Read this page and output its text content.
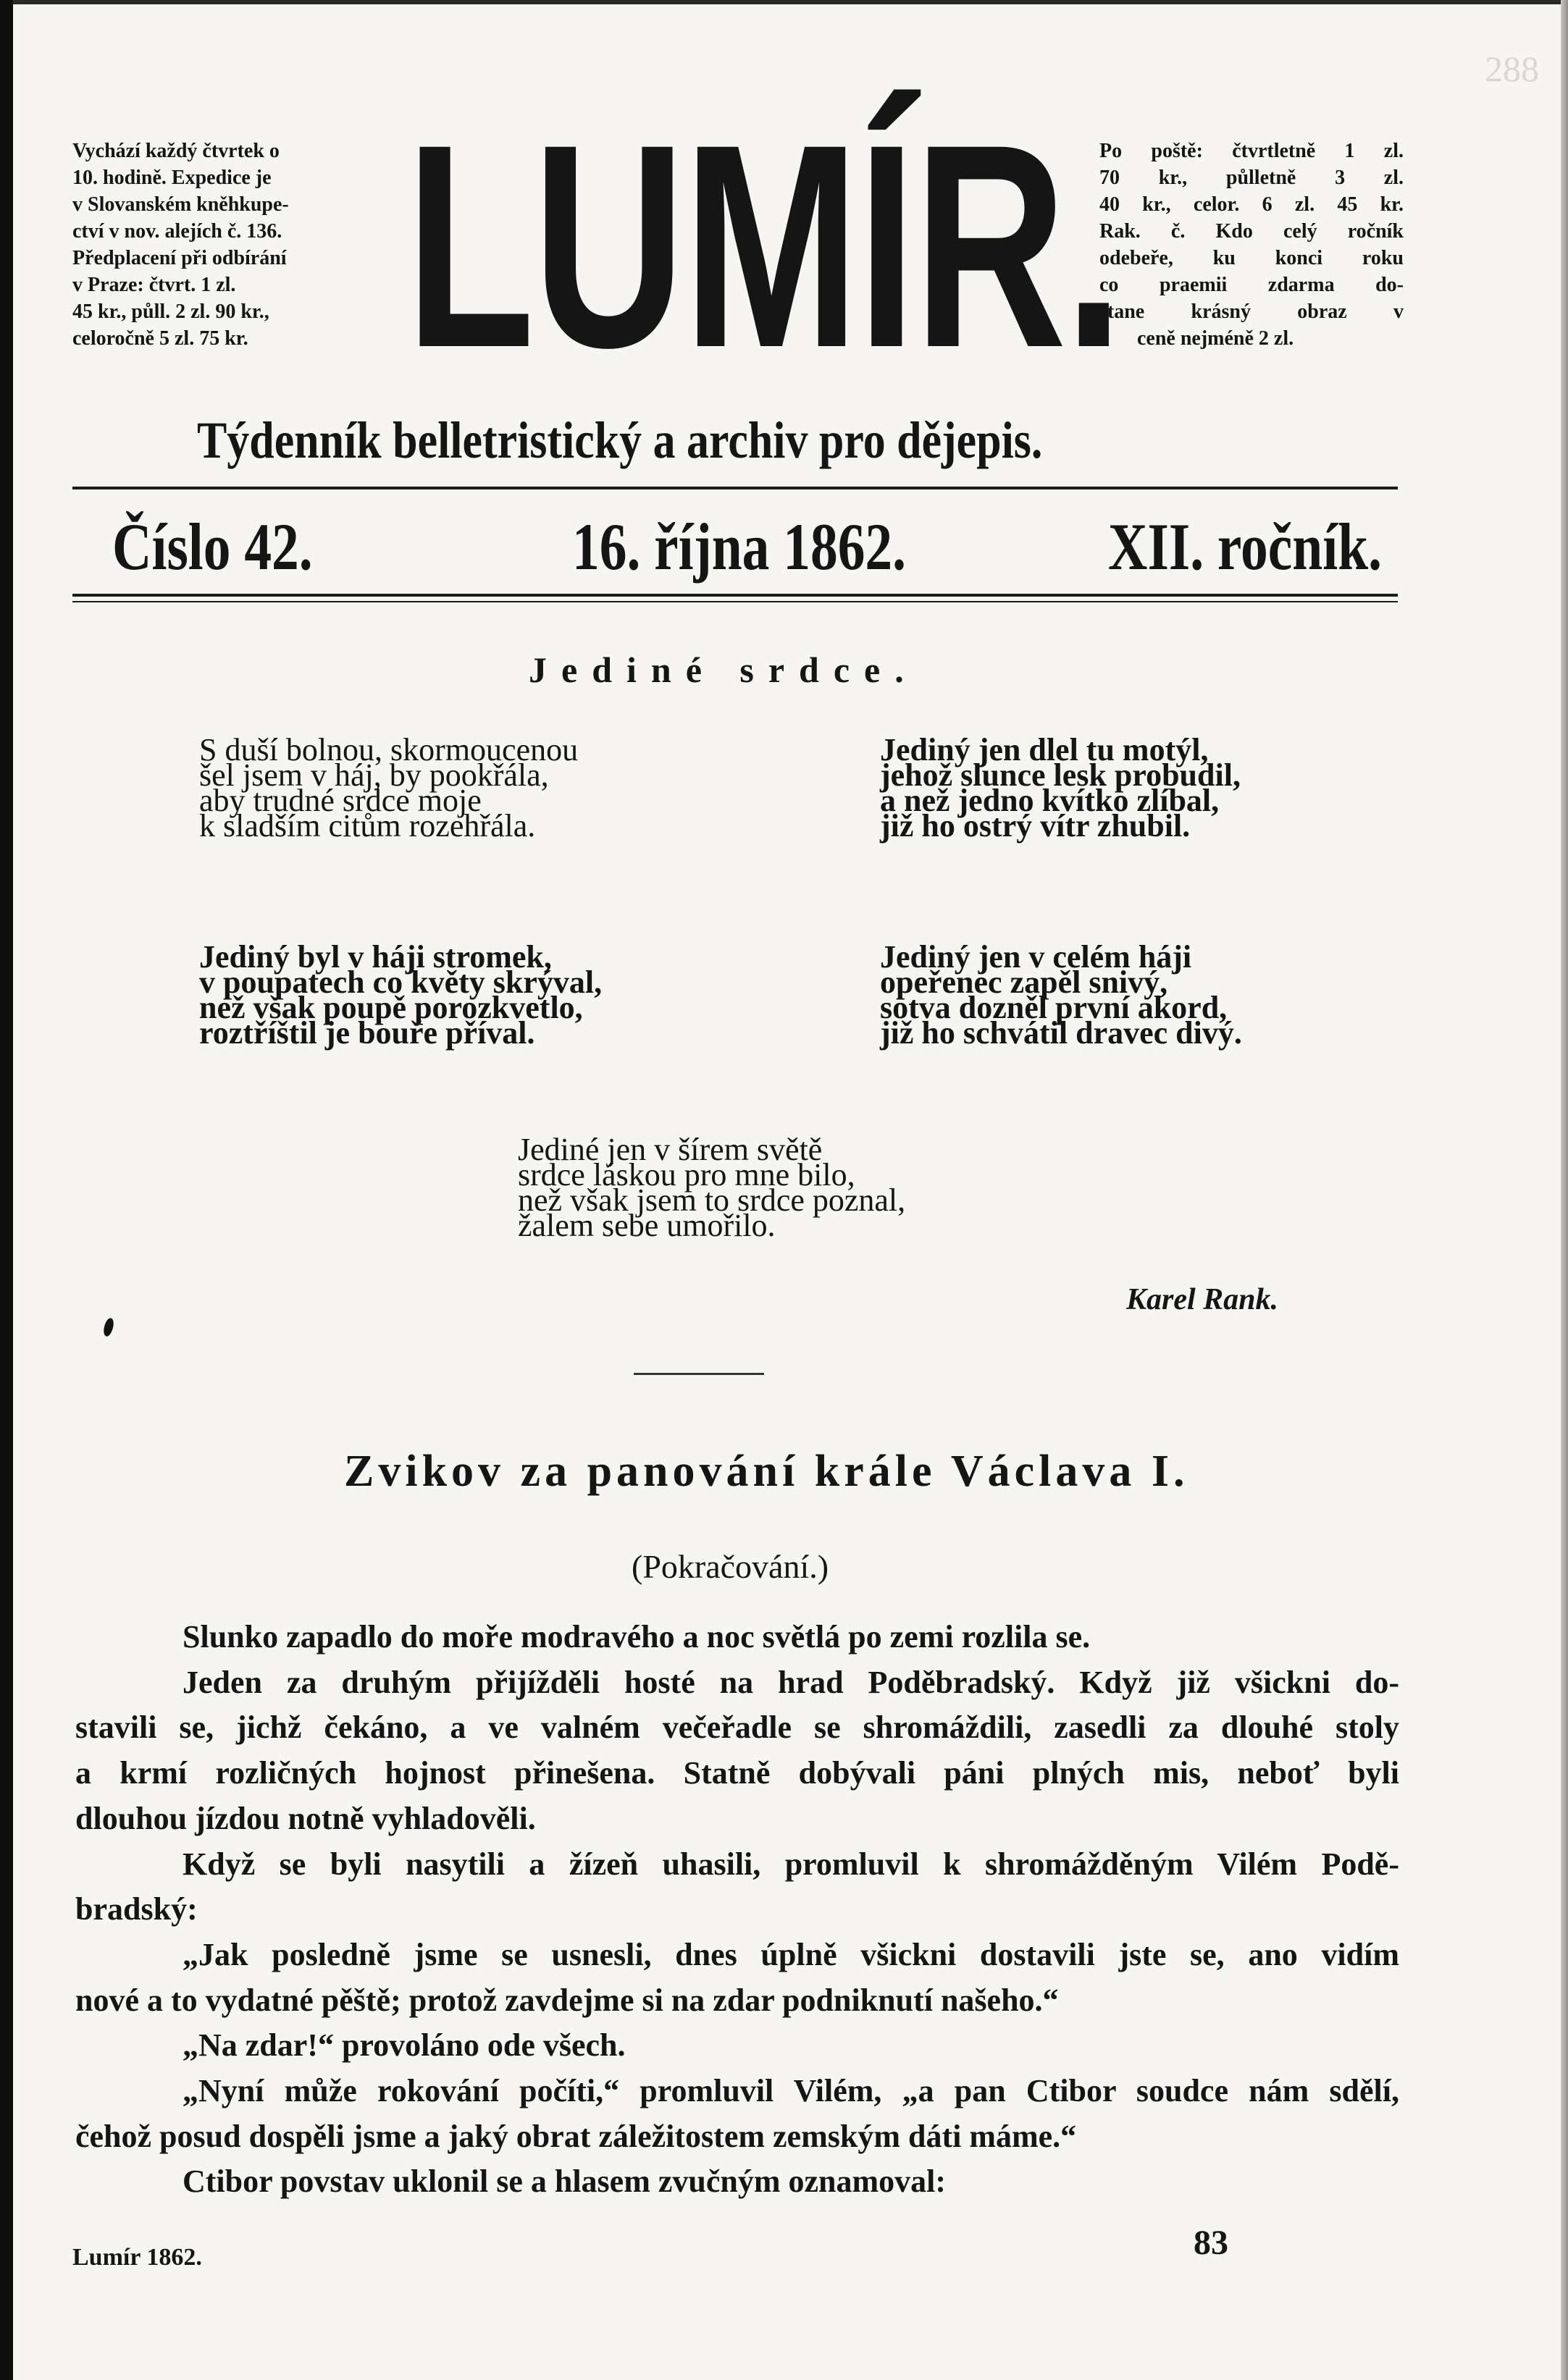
288
Vychází každý čtvrtek o
10. hodině. Expedice je
v Slovanském kněhkupe-
ctví v nov. alejích č. 136.
Předplacení při odbírání
v Praze: čtvrt. 1 zl.
45 kr., půll. 2 zl. 90 kr.,
celoročně 5 zl. 75 kr. LUMÍR.
Po poště: čtvrtletně 1 zl.
70 kr., půlletně 3 zl.
40 kr., celor. 6 zl. 45 kr.
Rak. č. Kdo celý ročník
odebeře, ku konci roku
co praemii zdarma do-
stane krásný obraz v
ceně nejméně 2 zl.
Týdenník belletristický a archiv pro dějepis.
Číslo 42.	16. října 1862.	XII. ročník.
Jediné srdce.
S duší bolnou, skormoucenou
šel jsem v háj, by pookřála,
aby trudné srdce moje
k sladším citům rozehřála.
Jediný jen dlel tu motýl,
jehož slunce lesk probudil,
a než jedno kvítko zlíbal,
již ho ostrý vítr zhubil.
Jediný byl v háji stromek,
v poupatech co květy skrýval,
než však poupě porozkvetlo,
roztříštil je bouře příval.
Jediný jen v celém háji
opeřenec zapěl snivý,
sotva dozněl první akord,
již ho schvátil dravec divý.
Jediné jen v šírem světě
srdce láskou pro mne bilo,
než však jsem to srdce poznal,
žalem sebe umořilo.
Karel Rank.
Zvikov za panování krále Václava I.
(Pokračování.)
Slunko zapadlo do moře modravého a noc světlá po zemi rozlila se.
Jeden za druhým přijížděli hosté na hrad Poděbradský. Když již všickni do-
stavili se, jichž čekáno, a ve valném večeřadle se shromáždili, zasedli za dlouhé stoly
a krmí rozličných hojnost přinešena. Statně dobývali páni plných mis, neboť byli
dlouhou jízdou notně vyhladověli.
Když se byli nasytili a žízeň uhasili, promluvil k shromážděným Vilém Podě-
bradský:
„Jak posledně jsme se usnesli, dnes úplně všickni dostavili jste se, ano vidím
nové a to vydatné pěště; protož zavdejme si na zdar podniknutí našeho.“
„Na zdar!“ provoláno ode všech.
„Nyní může rokování počíti,“ promluvil Vilém, „a pan Ctibor soudce nám sdělí,
čehož posud dospěli jsme a jaký obrat záležitostem zemským dáti máme.“
Ctibor povstav uklonil se a hlasem zvučným oznamoval:
Lumír 1862.	83
